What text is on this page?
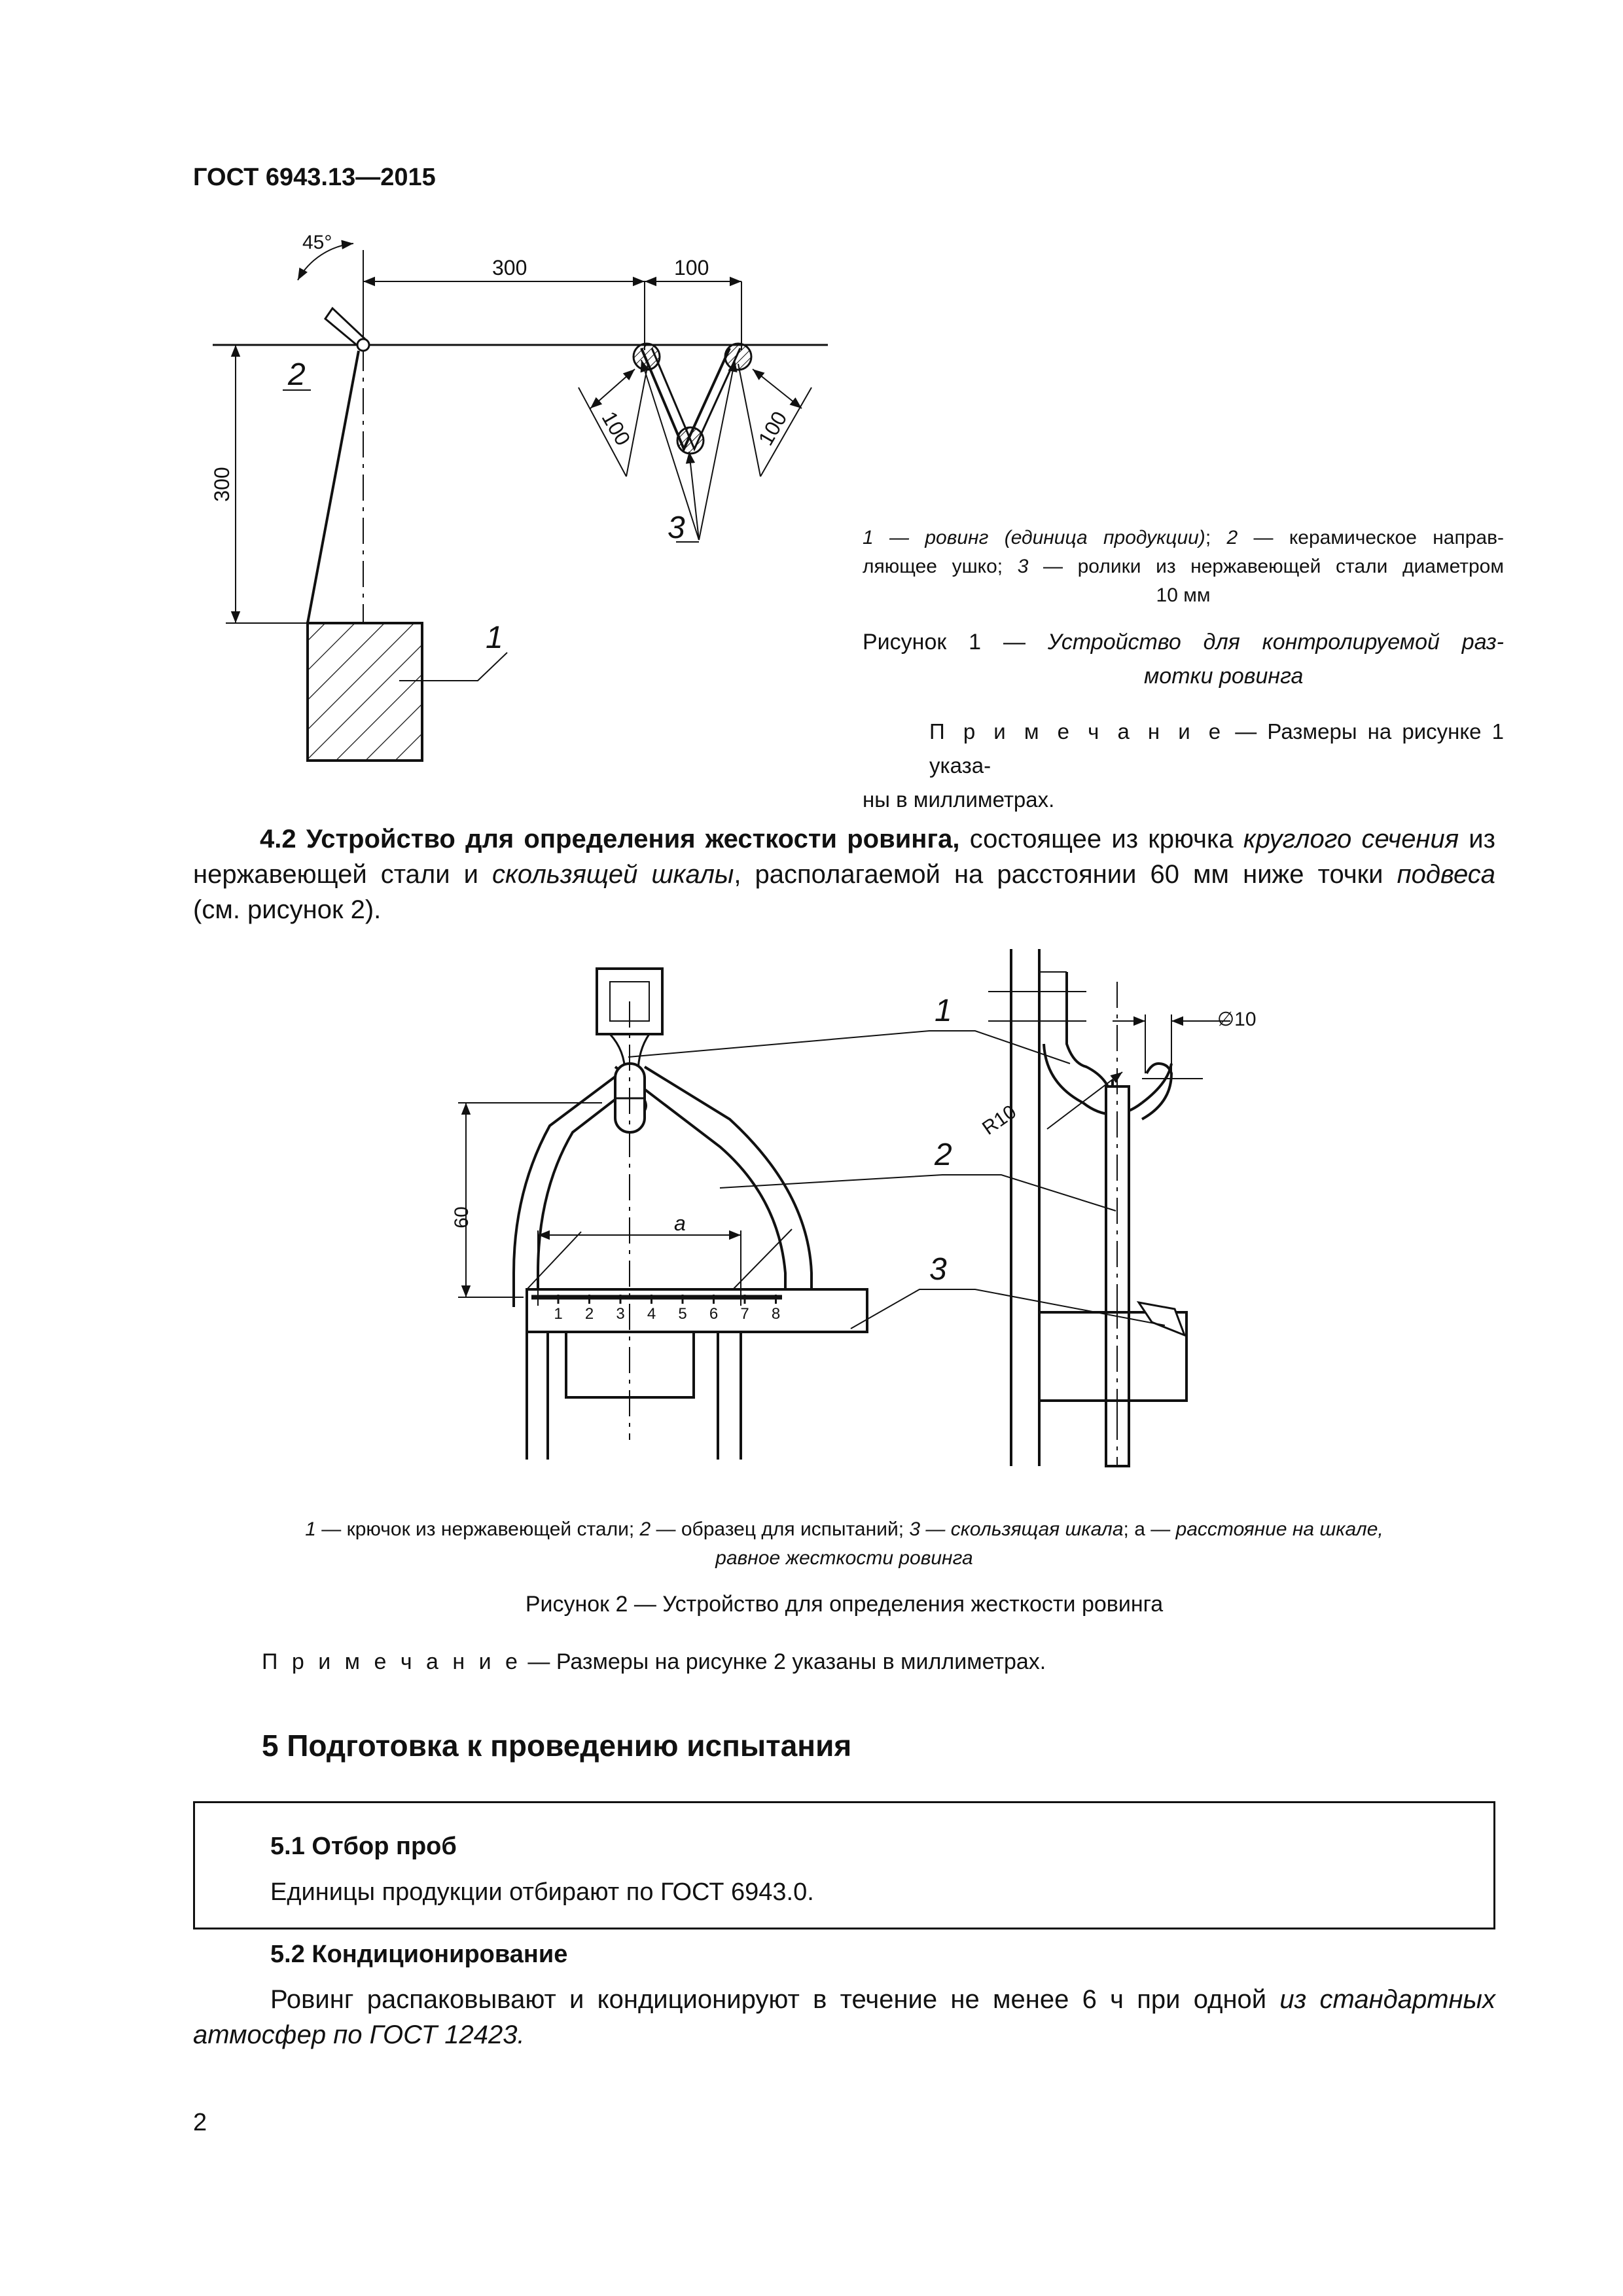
ГОСТ 6943.13—2015
45°
300	100
300
100	100
2
1
3	1 — ровинг (единица продукции); 2 — керамическое направ-
ляющее ушко; 3 — ролики из нержавеющей стали диаметром
10 мм
Рисунок 1 — Устройство для контролируемой раз-
мотки ровинга
П р и м е ч а н и е — Размеры на рисунке 1 указа-
ны в миллиметрах.
4.2 Устройство для определения жесткости ровинга, состоящее из крючка круглого сечения из
нержавеющей стали и скользящей шкалы, располагаемой на расстоянии 60 мм ниже точки подвеса
(см. рисунок 2).
1 2 3 4 5 6 7 8
60	a
∅10
R10
1
2
3
1 — крючок из нержавеющей стали; 2 — образец для испытаний; 3 — скользящая шкала; а — расстояние на шкале,
равное жесткости ровинга
Рисунок 2 — Устройство для определения жесткости ровинга
П р и м е ч а н и е — Размеры на рисунке 2 указаны в миллиметрах.
5 Подготовка к проведению испытания
5.1 Отбор проб
Единицы продукции отбирают по ГОСТ 6943.0.
5.2 Кондиционирование
Ровинг распаковывают и кондиционируют в течение не менее 6 ч при одной из стандартных
атмосфер по ГОСТ 12423.
2
